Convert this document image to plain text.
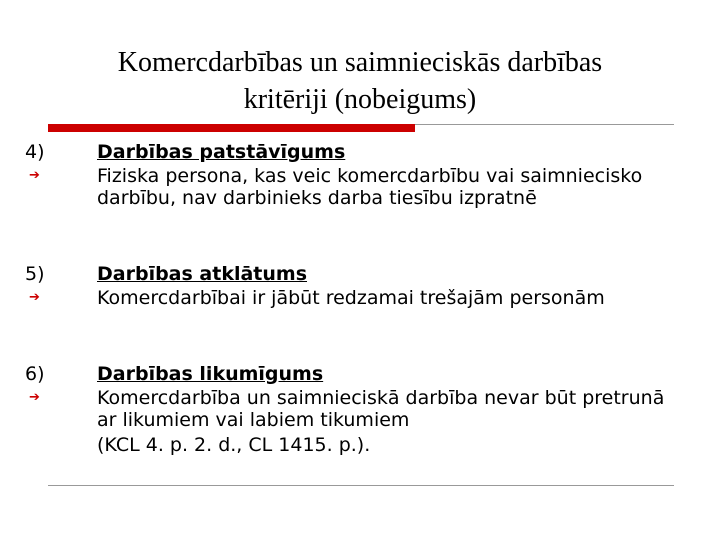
Komercdarbības un saimnieciskās darbības
kritēriji (nobeigums)
4)	Darbības patstāvīgums
➔	Fiziska persona, kas veic komercdarbību vai saimniecisko darbību, nav darbinieks darba tiesību izpratnē
5)	Darbības atklātums
➔	Komercdarbībai ir jābūt redzamai trešajām personām
6)	Darbības likumīgums
➔	Komercdarbība un saimnieciskā darbība nevar būt pretrunā ar likumiem vai labiem tikumiem
(KCL 4. p. 2. d., CL 1415. p.).
